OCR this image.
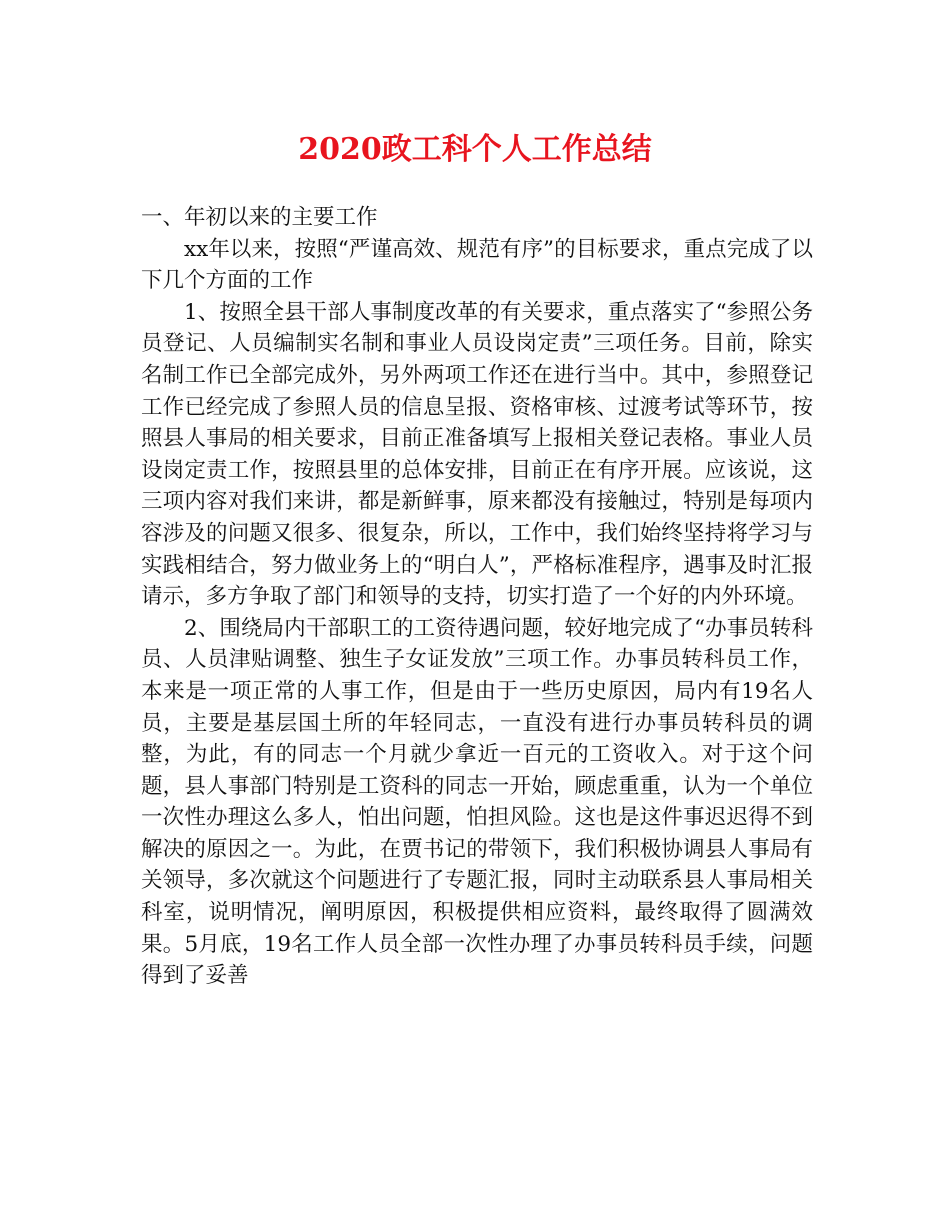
2020政工科个人工作总结

一、年初以来的主要工作

xx年以来，按照“严谨高效、规范有序”的目标要求，重点完成了以下几个方面的工作

1、按照全县干部人事制度改革的有关要求，重点落实了“参照公务员登记、人员编制实名制和事业人员设岗定责”三项任务。目前，除实名制工作已全部完成外，另外两项工作还在进行当中。其中，参照登记工作已经完成了参照人员的信息呈报、资格审核、过渡考试等环节，按照县人事局的相关要求，目前正准备填写上报相关登记表格。事业人员设岗定责工作，按照县里的总体安排，目前正在有序开展。应该说，这三项内容对我们来讲，都是新鲜事，原来都没有接触过，特别是每项内容涉及的问题又很多、很复杂，所以，工作中，我们始终坚持将学习与实践相结合，努力做业务上的“明白人”，严格标准程序，遇事及时汇报请示，多方争取了部门和领导的支持，切实打造了一个好的内外环境。

2、围绕局内干部职工的工资待遇问题，较好地完成了“办事员转科员、人员津贴调整、独生子女证发放”三项工作。办事员转科员工作，本来是一项正常的人事工作，但是由于一些历史原因，局内有19名人员，主要是基层国土所的年轻同志，一直没有进行办事员转科员的调整，为此，有的同志一个月就少拿近一百元的工资收入。对于这个问题，县人事部门特别是工资科的同志一开始，顾虑重重，认为一个单位一次性办理这么多人，怕出问题，怕担风险。这也是这件事迟迟得不到解决的原因之一。为此，在贾书记的带领下，我们积极协调县人事局有关领导，多次就这个问题进行了专题汇报，同时主动联系县人事局相关科室，说明情况，阐明原因，积极提供相应资料，最终取得了圆满效果。5月底，19名工作人员全部一次性办理了办事员转科员手续，问题得到了妥善
